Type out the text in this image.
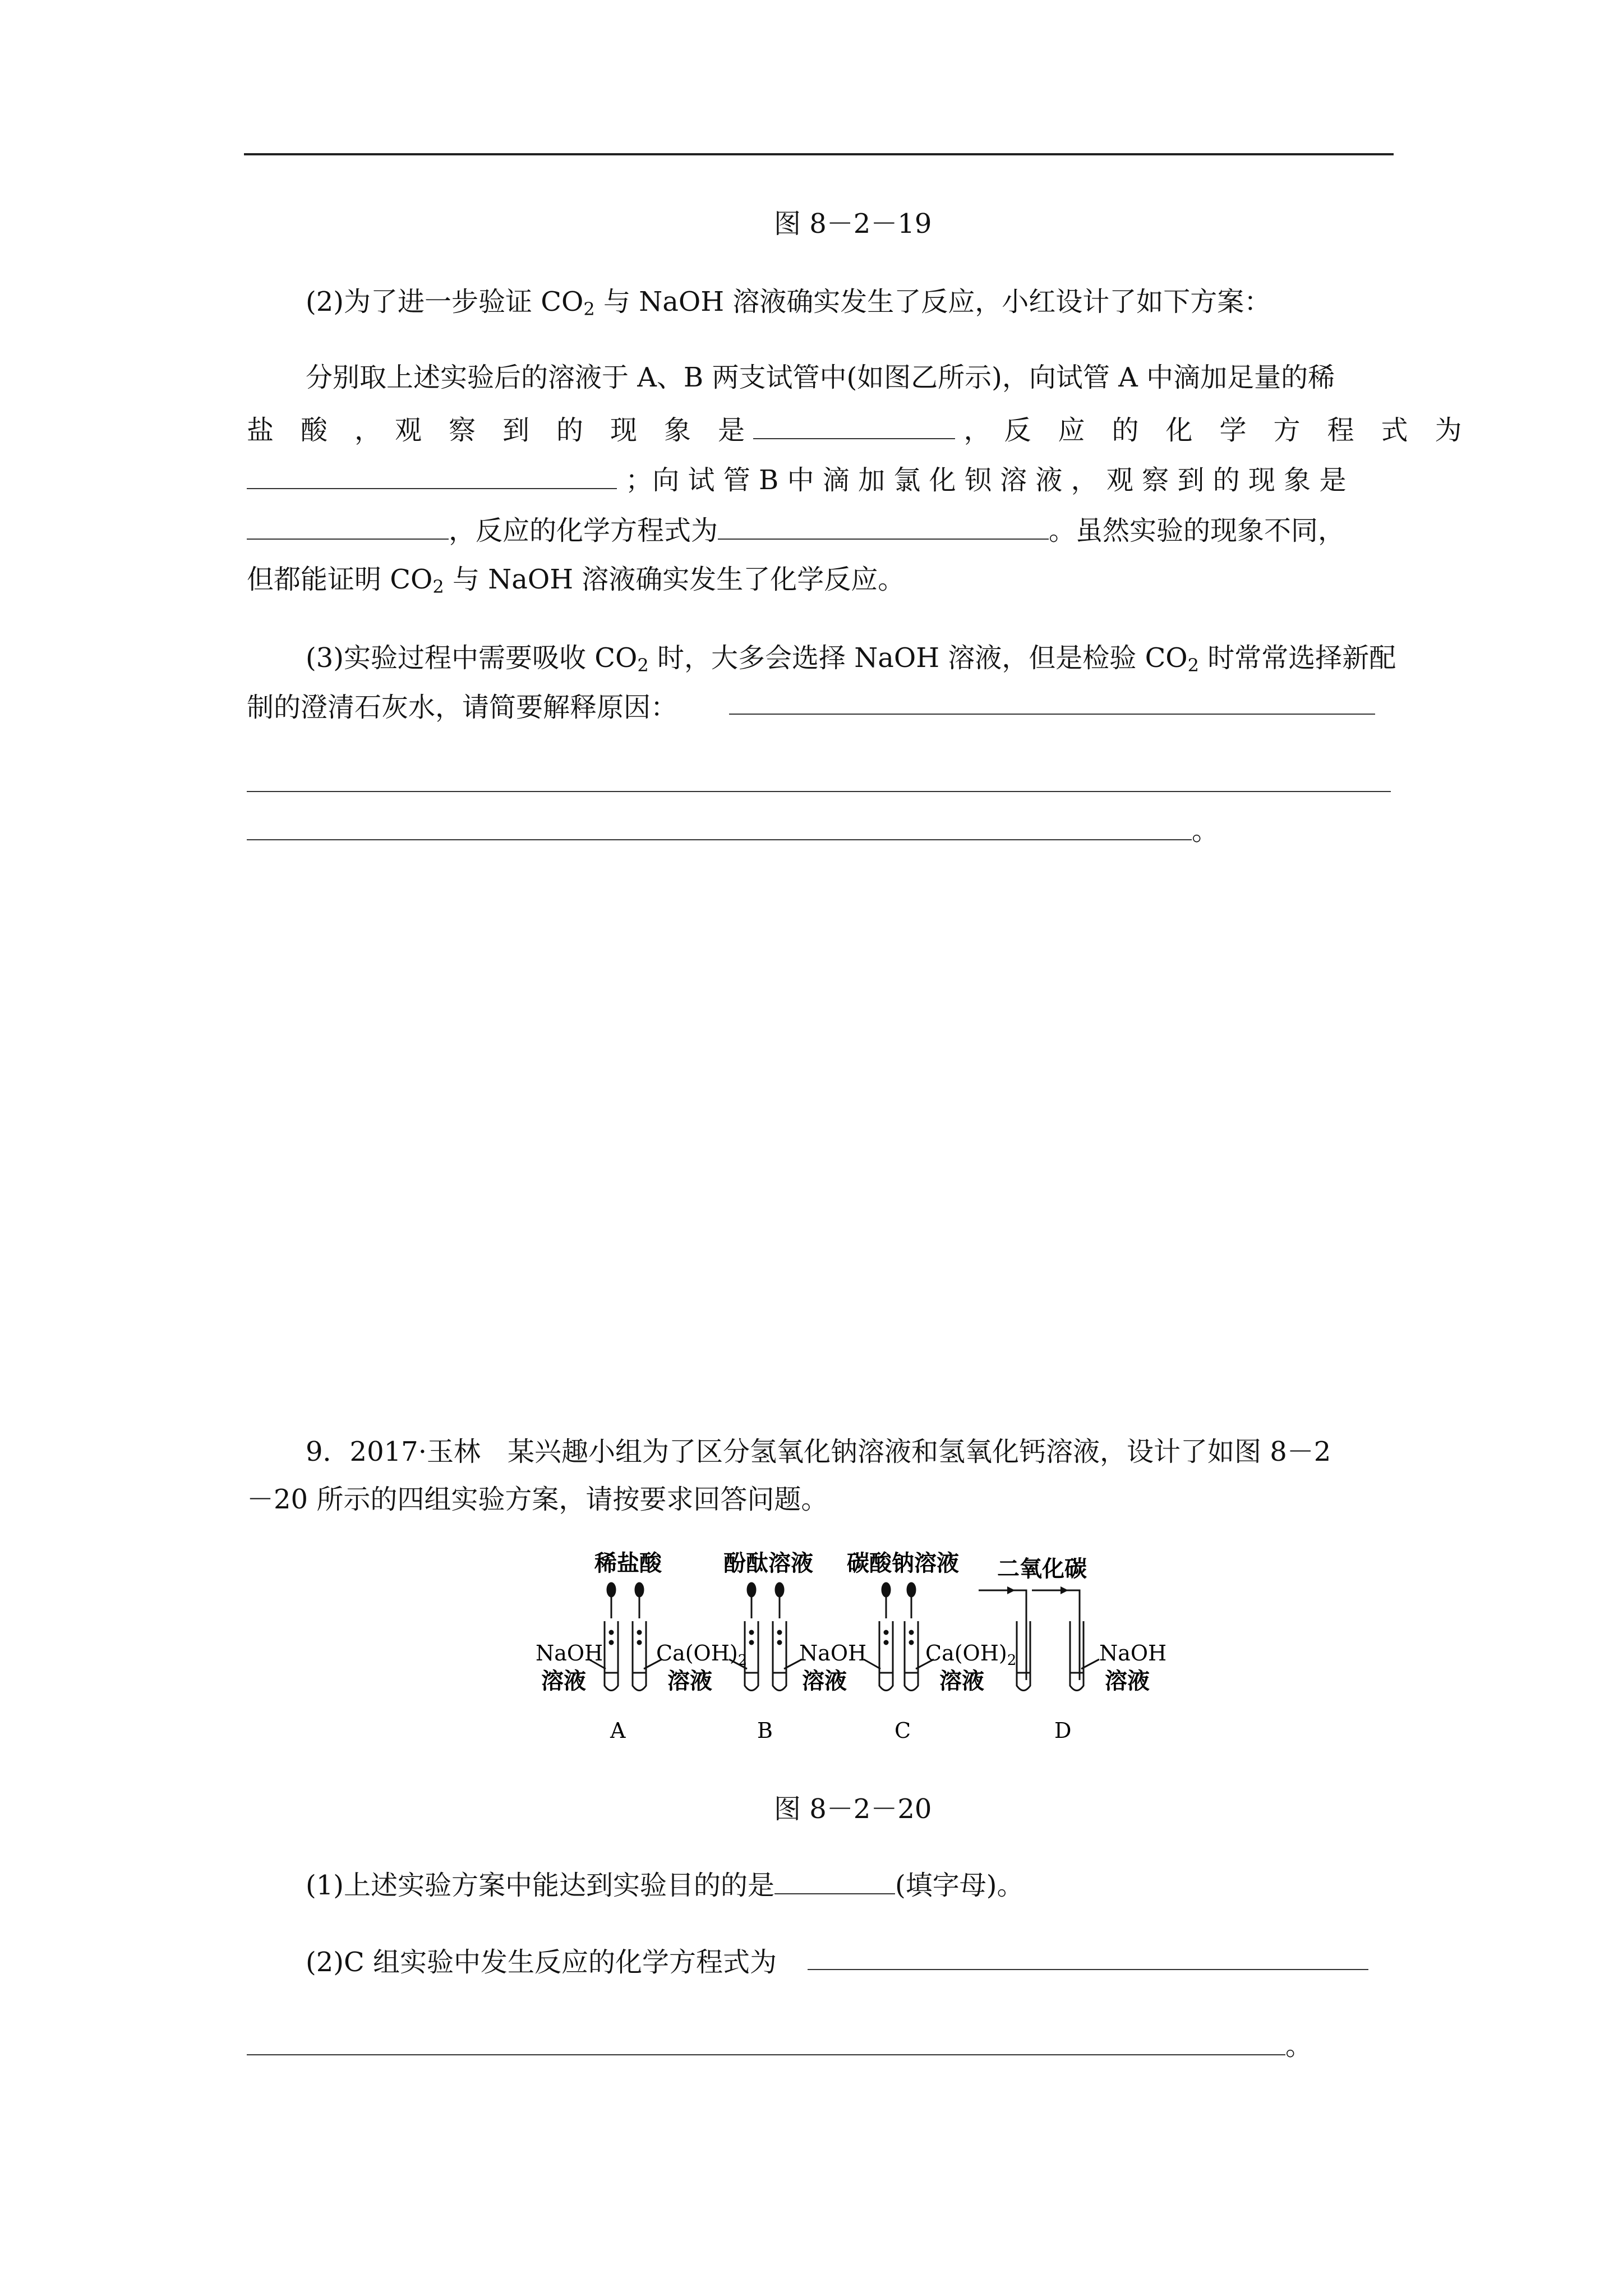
图 8－2－19
(2)为了进一步验证 $CO_2$ 与 NaOH 溶液确实发生了反应，小红设计了如下方案：
分别取上述实验后的溶液于 A、B 两支试管中(如图乙所示)，向试管 A 中滴加足量的稀
盐　酸　，　观　察　到　的　现　象　是	，　反　应　的　化　学　方　程　式　为
；向 试 管 B 中 滴 加 氯 化 钡 溶 液 ， 观 察 到 的 现 象 是
，反应的化学方程式为	。虽然实验的现象不同，
但都能证明 $CO_2$ 与 NaOH 溶液确实发生了化学反应。
(3)实验过程中需要吸收 $CO_2$ 时，大多会选择 NaOH 溶液，但是检验 $CO_2$ 时常常选择新配
制的澄清石灰水，请简要解释原因：
。
9．2017·玉林　某兴趣小组为了区分氢氧化钠溶液和氢氧化钙溶液，设计了如图 8－2
－20 所示的四组实验方案，请按要求回答问题。
稀盐酸	酚酞溶液 碳酸钠溶液 二氧化碳
NaOH
溶液
$Ca(OH)_2$
溶液
NaOH
溶液
$Ca(OH)_2$
溶液
NaOH
溶液
A	B	C	D
图 8－2－20
(1)上述实验方案中能达到实验目的的是	(填字母)。
(2)C 组实验中发生反应的化学方程式为
。
